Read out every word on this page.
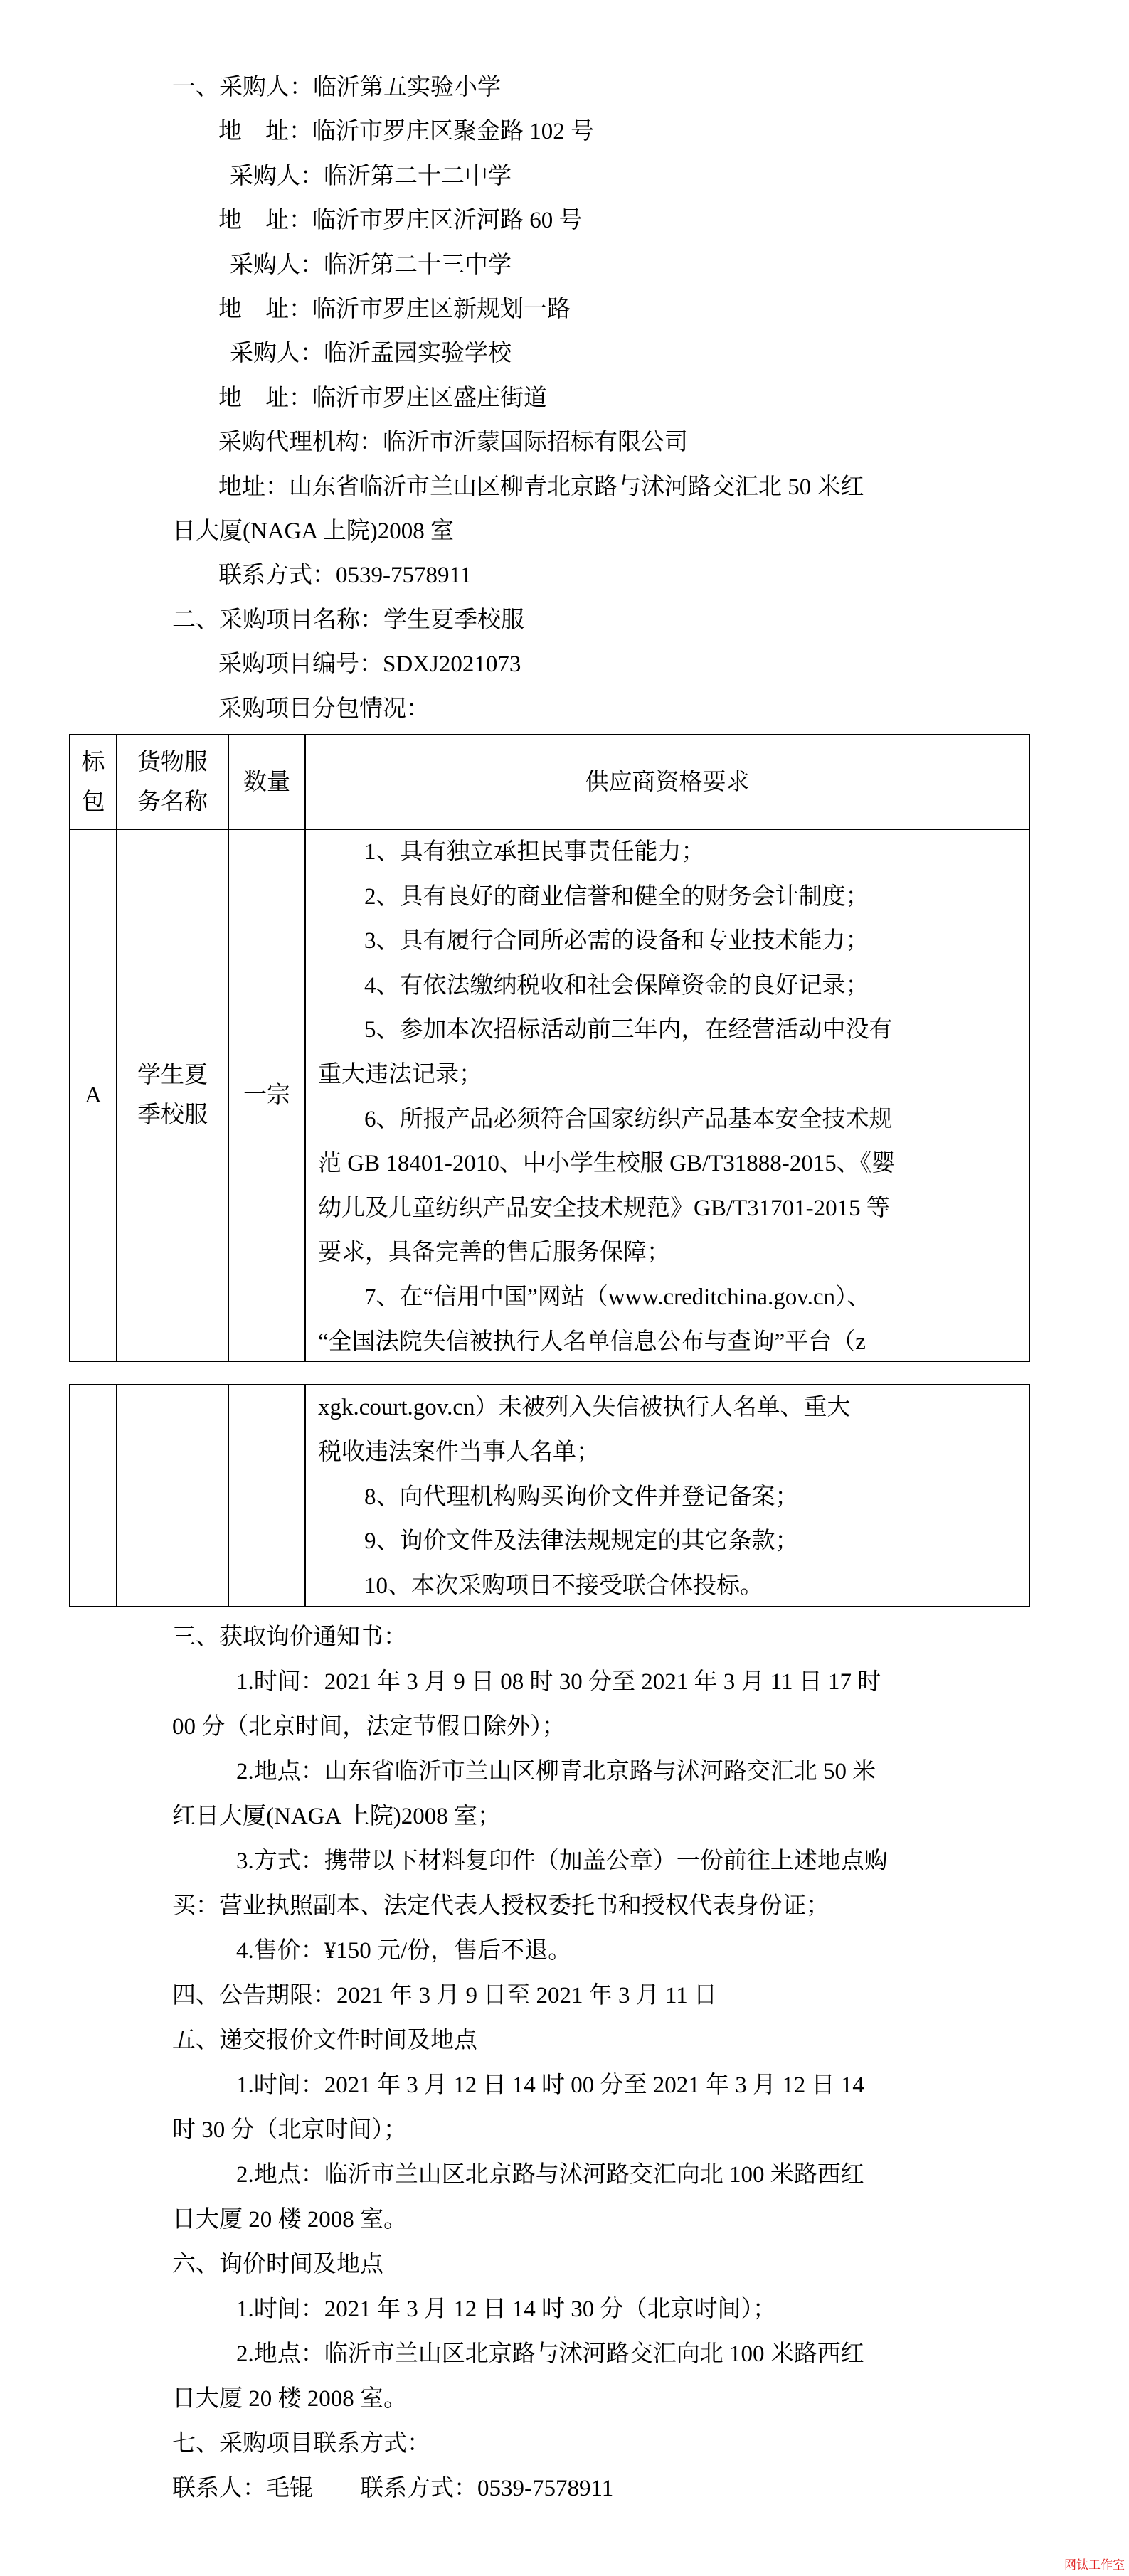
一、采购人：临沂第五实验小学
地　址：临沂市罗庄区聚金路 102 号
采购人：临沂第二十二中学
地　址：临沂市罗庄区沂河路 60 号
采购人：临沂第二十三中学
地　址：临沂市罗庄区新规划一路
采购人：临沂孟园实验学校
地　址：临沂市罗庄区盛庄街道
采购代理机构：临沂市沂蒙国际招标有限公司
地址：山东省临沂市兰山区柳青北京路与沭河路交汇北 50 米红
日大厦(NAGA 上院)2008 室
联系方式：0539-7578911
二、采购项目名称：学生夏季校服
采购项目编号：SDXJ2021073
采购项目分包情况：
标
包
货物服
务名称
数量	供应商资格要求
A
学生夏
季校服
一宗
1、具有独立承担民事责任能力；
2、具有良好的商业信誉和健全的财务会计制度；
3、具有履行合同所必需的设备和专业技术能力；
4、有依法缴纳税收和社会保障资金的良好记录；
5、参加本次招标活动前三年内，在经营活动中没有
重大违法记录；
6、所报产品必须符合国家纺织产品基本安全技术规
范 GB 18401-2010、中小学生校服 GB/T31888-2015、《婴
幼儿及儿童纺织产品安全技术规范》GB/T31701-2015 等
要求，具备完善的售后服务保障；
7、在“信用中国”网站（www.creditchina.gov.cn）、
“全国法院失信被执行人名单信息公布与查询”平台（z
xgk.court.gov.cn）未被列入失信被执行人名单、重大
税收违法案件当事人名单；
8、向代理机构购买询价文件并登记备案；
9、询价文件及法律法规规定的其它条款；
10、本次采购项目不接受联合体投标。
三、获取询价通知书：
1.时间：2021 年 3 月 9 日 08 时 30 分至 2021 年 3 月 11 日 17 时
00 分（北京时间，法定节假日除外）；
2.地点：山东省临沂市兰山区柳青北京路与沭河路交汇北 50 米
红日大厦(NAGA 上院)2008 室；
3.方式：携带以下材料复印件（加盖公章）一份前往上述地点购
买：营业执照副本、法定代表人授权委托书和授权代表身份证；
4.售价：¥150 元/份，售后不退。
四、公告期限：2021 年 3 月 9 日至 2021 年 3 月 11 日
五、递交报价文件时间及地点
1.时间：2021 年 3 月 12 日 14 时 00 分至 2021 年 3 月 12 日 14
时 30 分（北京时间）；
2.地点：临沂市兰山区北京路与沭河路交汇向北 100 米路西红
日大厦 20 楼 2008 室。
六、询价时间及地点
1.时间：2021 年 3 月 12 日 14 时 30 分（北京时间）；
2.地点：临沂市兰山区北京路与沭河路交汇向北 100 米路西红
日大厦 20 楼 2008 室。
七、采购项目联系方式：
联系人：毛锟　　联系方式：0539-7578911
网钛工作室
